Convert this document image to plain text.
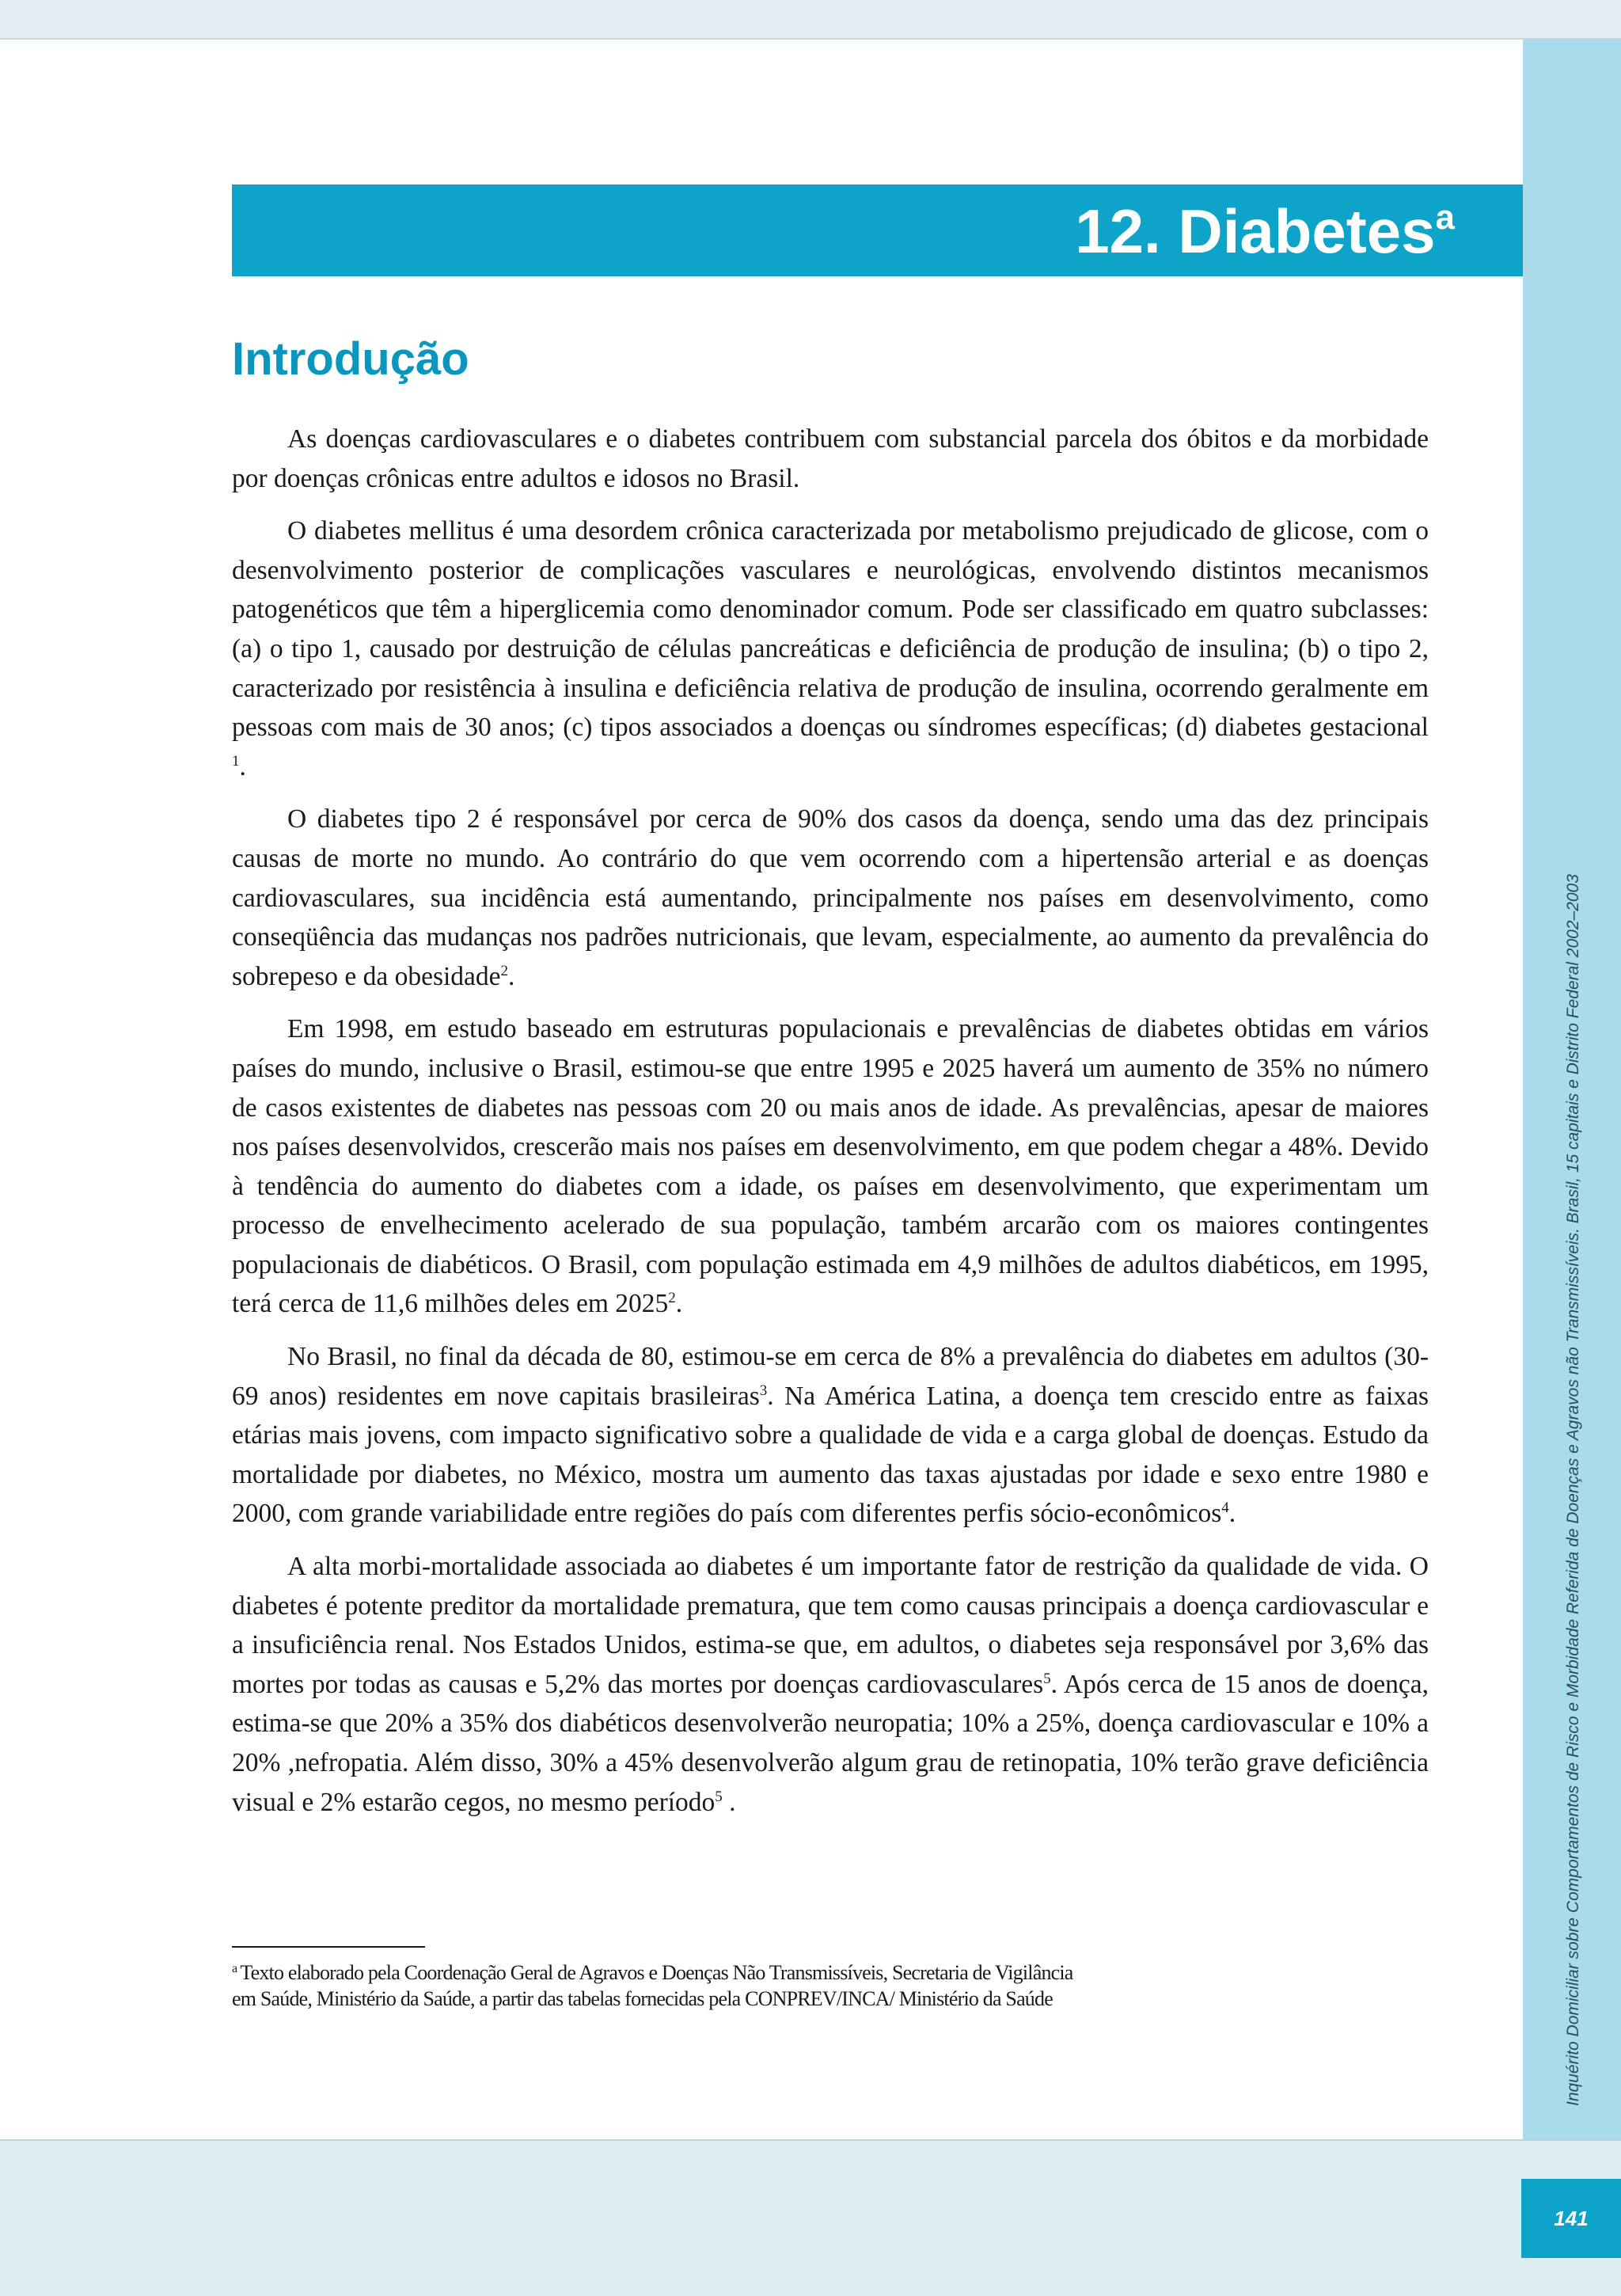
Inquérito Domiciliar sobre Comportamentos de Risco e Morbidade Referida de Doenças e Agravos não Transmissíveis. Brasil, 15 capitais e Distrito Federal 2002–2003
141
12. Diabetes$^a$
Introdução

As doenças cardiovasculares e o diabetes contribuem com substancial parcela dos óbitos e da morbidade por doenças crônicas entre adultos e idosos no Brasil.

O diabetes mellitus é uma desordem crônica caracterizada por metabolismo prejudicado de glicose, com o desenvolvimento posterior de complicações vasculares e neurológicas, envolvendo distintos mecanismos patogenéticos que têm a hiperglicemia como denominador comum. Pode ser classificado em quatro subclasses: (a) o tipo 1, causado por destruição de células pancreáticas e deficiência de produção de insulina; (b) o tipo 2, caracterizado por resistência à insulina e deficiência relativa de produção de insulina, ocorrendo geralmente em pessoas com mais de 30 anos; (c) tipos associados a doenças ou síndromes específicas; (d) diabetes gestacional $^1$.

O diabetes tipo 2 é responsável por cerca de 90% dos casos da doença, sendo uma das dez principais causas de morte no mundo. Ao contrário do que vem ocorrendo com a hipertensão arterial e as doenças cardiovasculares, sua incidência está aumentando, principalmente nos países em desenvolvimento, como conseqüência das mudanças nos padrões nutricionais, que levam, especialmente, ao aumento da prevalência do sobrepeso e da obesidade$^2$.

Em 1998, em estudo baseado em estruturas populacionais e prevalências de diabetes obtidas em vários países do mundo, inclusive o Brasil, estimou-se que entre 1995 e 2025 haverá um aumento de 35% no número de casos existentes de diabetes nas pessoas com 20 ou mais anos de idade. As prevalências, apesar de maiores nos países desenvolvidos, crescerão mais nos países em desenvolvimento, em que podem chegar a 48%. Devido à tendência do aumento do diabetes com a idade, os países em desenvolvimento, que experimentam um processo de envelhecimento acelerado de sua população, também arcarão com os maiores contingentes populacionais de diabéticos. O Brasil, com população estimada em 4,9 milhões de adultos diabéticos, em 1995, terá cerca de 11,6 milhões deles em 2025$^2$.

No Brasil, no final da década de 80, estimou-se em cerca de 8% a prevalência do diabetes em adultos (30-69 anos) residentes em nove capitais brasileiras$^3$. Na América Latina, a doença tem crescido entre as faixas etárias mais jovens, com impacto significativo sobre a qualidade de vida e a carga global de doenças. Estudo da mortalidade por diabetes, no México, mostra um aumento das taxas ajustadas por idade e sexo entre 1980 e 2000, com grande variabilidade entre regiões do país com diferentes perfis sócio-econômicos$^4$.

A alta morbi-mortalidade associada ao diabetes é um importante fator de restrição da qualidade de vida. O diabetes é potente preditor da mortalidade prematura, que tem como causas principais a doença cardiovascular e a insuficiência renal. Nos Estados Unidos, estima-se que, em adultos, o diabetes seja responsável por 3,6% das mortes por todas as causas e 5,2% das mortes por doenças cardiovasculares$^5$. Após cerca de 15 anos de doença, estima-se que 20% a 35% dos diabéticos desenvolverão neuropatia; 10% a 25%, doença cardiovascular e 10% a 20% ,nefropatia. Além disso, 30% a 45% desenvolverão algum grau de retinopatia, 10% terão grave deficiência visual e 2% estarão cegos, no mesmo período$^5$ .

$^a$ Texto elaborado pela Coordenação Geral de Agravos e Doenças Não Transmissíveis, Secretaria de Vigilância
em Saúde, Ministério da Saúde, a partir das tabelas fornecidas pela CONPREV/INCA/ Ministério da Saúde
